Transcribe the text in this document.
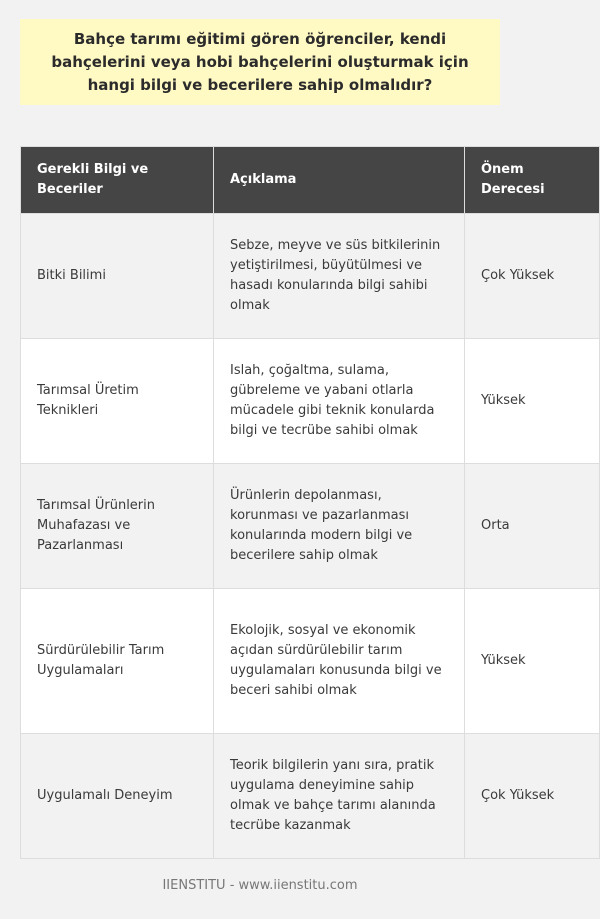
Bahçe tarımı eğitimi gören öğrenciler, kendi bahçelerini veya hobi bahçelerini oluşturmak için hangi bilgi ve becerilere sahip olmalıdır?
Gerekli Bilgi ve Beceriler	Açıklama	Önem Derecesi
Bitki Bilimi	Sebze, meyve ve süs bitkilerinin yetiştirilmesi, büyütülmesi ve hasadı konularında bilgi sahibi olmak	Çok Yüksek
Tarımsal Üretim Teknikleri	Islah, çoğaltma, sulama, gübreleme ve yabani otlarla mücadele gibi teknik konularda bilgi ve tecrübe sahibi olmak	Yüksek
Tarımsal Ürünlerin Muhafazası ve Pazarlanması	Ürünlerin depolanması, korunması ve pazarlanması konularında modern bilgi ve becerilere sahip olmak	Orta
Sürdürülebilir Tarım Uygulamaları	Ekolojik, sosyal ve ekonomik açıdan sürdürülebilir tarım uygulamaları konusunda bilgi ve beceri sahibi olmak	Yüksek
Uygulamalı Deneyim	Teorik bilgilerin yanı sıra, pratik uygulama deneyimine sahip olmak ve bahçe tarımı alanında tecrübe kazanmak	Çok Yüksek
IIENSTITU - www.iienstitu.com
